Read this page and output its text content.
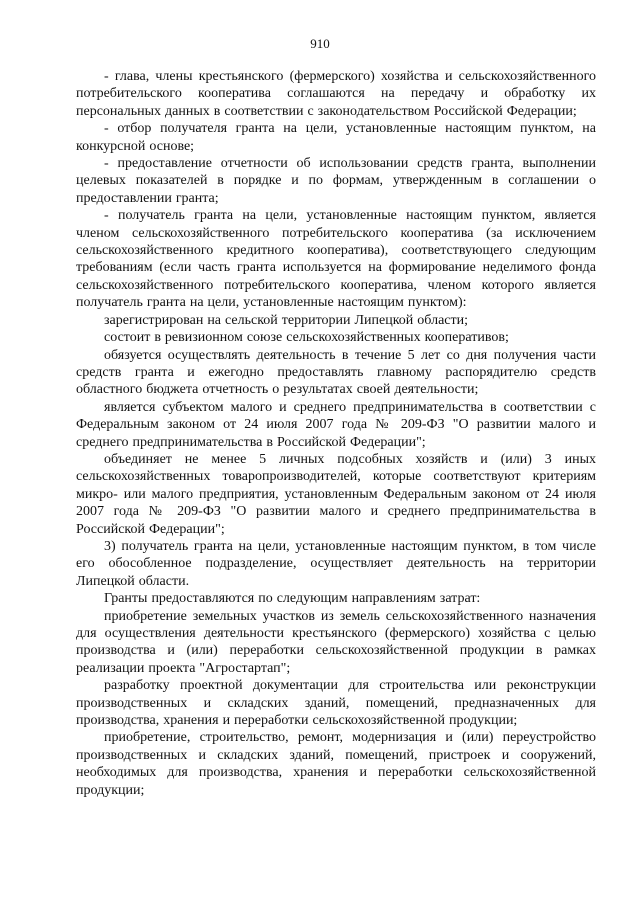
910

- глава, члены крестьянского (фермерского) хозяйства и сельскохозяйственного потребительского кооператива соглашаются на передачу и обработку их персональных данных в соответствии с законодательством Российской Федерации;

- отбор получателя гранта на цели, установленные настоящим пунктом, на конкурсной основе;

- предоставление отчетности об использовании средств гранта, выполнении целевых показателей в порядке и по формам, утвержденным в соглашении о предоставлении гранта;

- получатель гранта на цели, установленные настоящим пунктом, является членом сельскохозяйственного потребительского кооператива (за исключением сельскохозяйственного кредитного кооператива), соответствующего следующим требованиям (если часть гранта используется на формирование неделимого фонда сельскохозяйственного потребительского кооператива, членом которого является получатель гранта на цели, установленные настоящим пунктом):

зарегистрирован на сельской территории Липецкой области;

состоит в ревизионном союзе сельскохозяйственных кооперативов;

обязуется осуществлять деятельность в течение 5 лет со дня получения части средств гранта и ежегодно предоставлять главному распорядителю средств областного бюджета отчетность о результатах своей деятельности;

является субъектом малого и среднего предпринимательства в соответствии с Федеральным законом от 24 июля 2007 года № 209-ФЗ "О развитии малого и среднего предпринимательства в Российской Федерации";

объединяет не менее 5 личных подсобных хозяйств и (или) 3 иных сельскохозяйственных товаропроизводителей, которые соответствуют критериям микро- или малого предприятия, установленным Федеральным законом от 24 июля 2007 года № 209-ФЗ "О развитии малого и среднего предпринимательства в Российской Федерации";

3) получатель гранта на цели, установленные настоящим пунктом, в том числе его обособленное подразделение, осуществляет деятельность на территории Липецкой области.

Гранты предоставляются по следующим направлениям затрат:

приобретение земельных участков из земель сельскохозяйственного назначения для осуществления деятельности крестьянского (фермерского) хозяйства с целью производства и (или) переработки сельскохозяйственной продукции в рамках реализации проекта "Агростартап";

разработку проектной документации для строительства или реконструкции производственных и складских зданий, помещений, предназначенных для производства, хранения и переработки сельскохозяйственной продукции;

приобретение, строительство, ремонт, модернизация и (или) переустройство производственных и складских зданий, помещений, пристроек и сооружений, необходимых для производства, хранения и переработки сельскохозяйственной продукции;
